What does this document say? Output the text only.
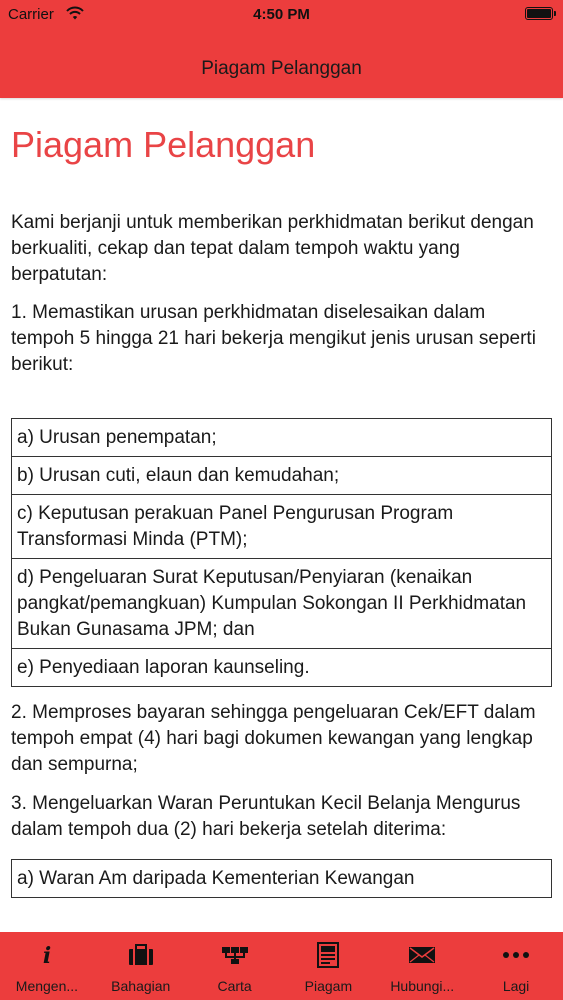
Carrier	4:50 PM
Piagam Pelanggan
Piagam Pelanggan

Kami berjanji untuk memberikan perkhidmatan berikut dengan berkualiti, cekap dan tepat dalam tempoh waktu yang berpatutan:

1. Memastikan urusan perkhidmatan diselesaikan dalam tempoh 5 hingga 21 hari bekerja mengikut jenis urusan seperti berikut:

a) Urusan penempatan;
b) Urusan cuti, elaun dan kemudahan;
c) Keputusan perakuan Panel Pengurusan Program Transformasi Minda (PTM);
d) Pengeluaran Surat Keputusan/Penyiaran (kenaikan pangkat/pemangkuan) Kumpulan Sokongan II Perkhidmatan Bukan Gunasama JPM; dan
e) Penyediaan laporan kaunseling.

2. Memproses bayaran sehingga pengeluaran Cek/EFT dalam tempoh empat (4) hari bagi dokumen kewangan yang lengkap dan sempurna;

3. Mengeluarkan Waran Peruntukan Kecil Belanja Mengurus dalam tempoh dua (2) hari bekerja setelah diterima:

a) Waran Am daripada Kementerian Kewangan
i
Mengen...	Bahagian	Carta	Piagam	Hubungi...	Lagi
